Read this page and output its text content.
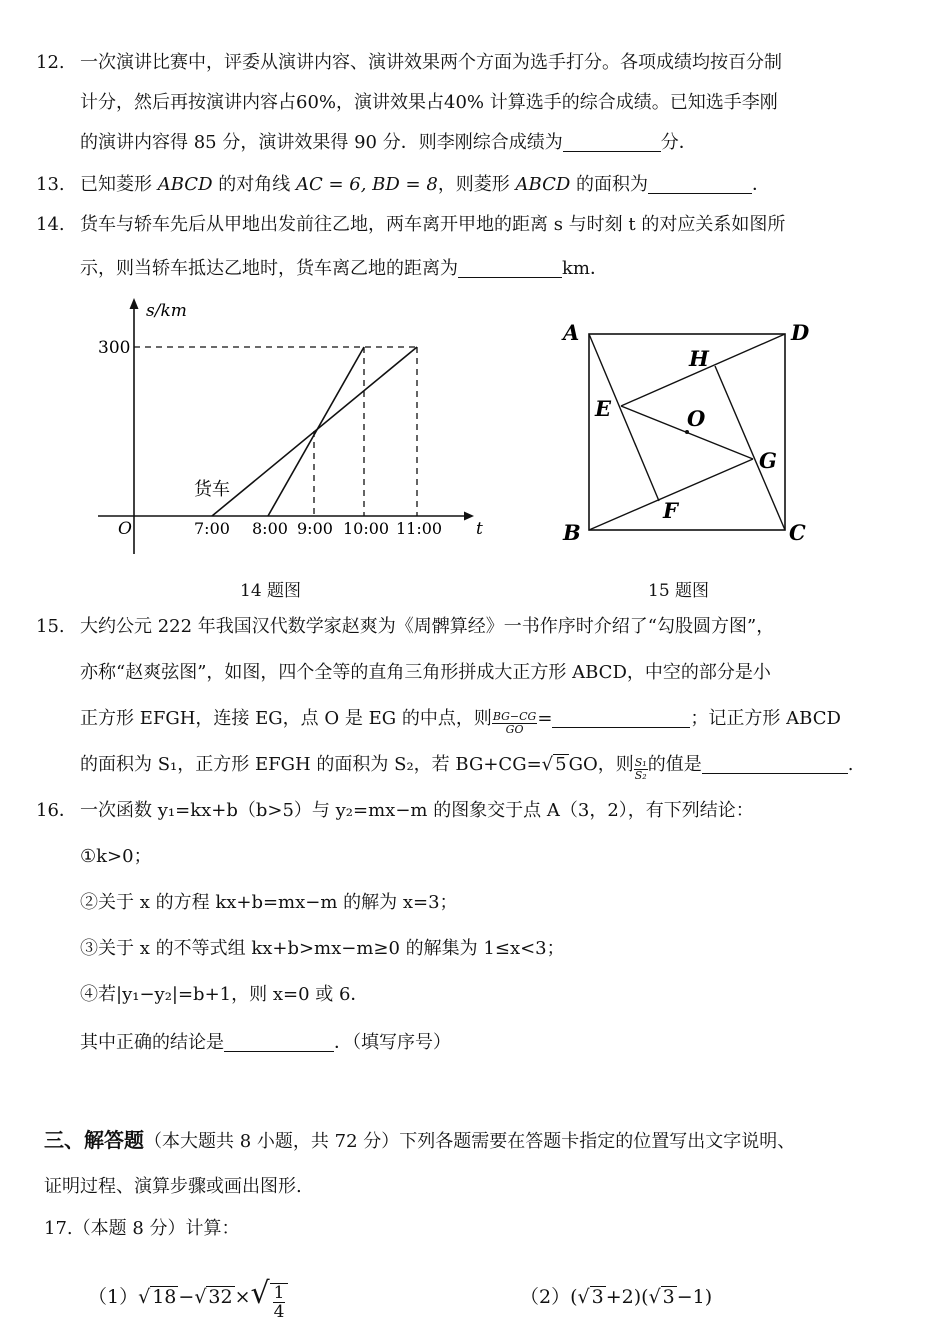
12. 一次演讲比赛中，评委从演讲内容、演讲效果两个方面为选手打分。各项成绩均按百分制
计分，然后再按演讲内容占60%，演讲效果占40% 计算选手的综合成绩。已知选手李刚
的演讲内容得 85 分，演讲效果得 90 分．则李刚综合成绩为	分．
13. 已知菱形 ABCD 的对角线 AC = 6, BD = 8，则菱形 ABCD 的面积为	．
14. 货车与轿车先后从甲地出发前往乙地，两车离开甲地的距离 s 与时刻 t 的对应关系如图所
示，则当轿车抵达乙地时，货车离乙地的距离为	km．
s/km
t
O
300
货车
7:00 8:00 9:00 10:00 11:00
A	D
B	C
E
H
G
F
O
14 题图	15 题图
15. 大约公元 222 年我国汉代数学家赵爽为《周髀算经》一书作序时介绍了“勾股圆方图”，
亦称“赵爽弦图”，如图，四个全等的直角三角形拼成大正方形 ABCD，中空的部分是小
正方形 EFGH，连接 EG，点 O 是 EG 的中点，则 $\frac{BG-CG}{GO}$ =	；记正方形 ABCD
的面积为 S₁，正方形 EFGH 的面积为 S₂，若 BG+CG=√ 5 GO，则 $\frac{\text{S₁}}{\text{S₂}}$ 的值是	.
16． 一次函数 y₁=kx+b（b>5）与 y₂=mx−m 的图象交于点 A（3，2），有下列结论：
①k>0；
②关于 x 的方程 kx+b=mx−m 的解为 x=3；
③关于 x 的不等式组 kx+b>mx−m≥0 的解集为 1≤x<3；
④若|y₁−y₂|=b+1，则 x=0 或 6．
其中正确的结论是	．（填写序号）
三、解答题（本大题共 8 小题，共 72 分）下列各题需要在答题卡指定的位置写出文字说明、
证明过程、演算步骤或画出图形.
17.（本题 8 分）计算：
（1）√ 18 −√ 32 ×√ $\frac{1}{4}$	（2）(√ 3 +2)(√ 3 −1)
